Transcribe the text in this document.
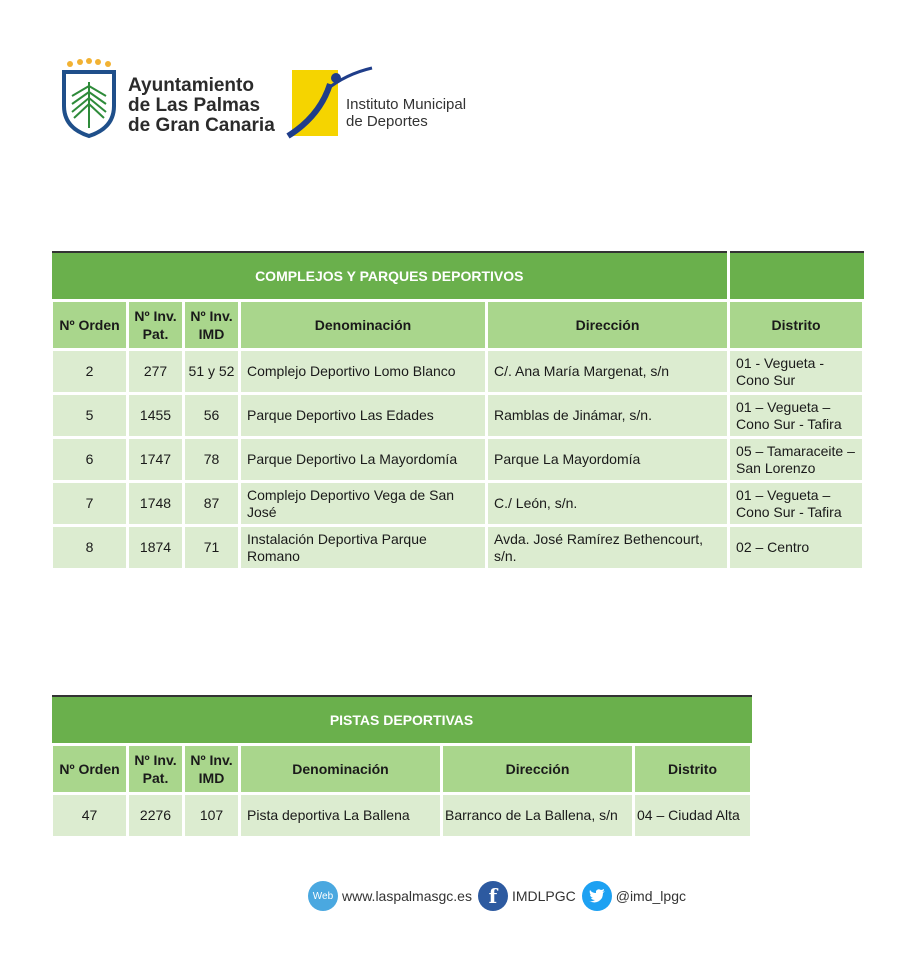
Ayuntamiento
de Las Palmas
de Gran Canaria
Instituto Municipal
de Deportes
COMPLEJOS Y PARQUES DEPORTIVOS					
Nº Orden	Nº Inv. Pat.	Nº Inv. IMD	Denominación	Dirección	Distrito
2	277	51 y 52	Complejo Deportivo Lomo Blanco	C/. Ana María Margenat, s/n	01 - Vegueta - Cono Sur
5	1455	56	Parque Deportivo Las Edades	Ramblas de Jinámar, s/n.	01 – Vegueta – Cono Sur - Tafira
6	1747	78	Parque Deportivo La Mayordomía	Parque La Mayordomía	05 – Tamaraceite – San Lorenzo
7	1748	87	Complejo Deportivo Vega de San José	C./ León, s/n.	01 – Vegueta – Cono Sur - Tafira
8	1874	71	Instalación Deportiva Parque Romano	Avda. José Ramírez Bethencourt, s/n.	02 – Centro
PISTAS DEPORTIVAS					
Nº Orden	Nº Inv. Pat.	Nº Inv. IMD	Denominación	Dirección	Distrito
47	2276	107	Pista deportiva La Ballena	Barranco de La Ballena, s/n	04 – Ciudad Alta
Web www.laspalmasgc.es f	IMDLPGC	@imd_lpgc
